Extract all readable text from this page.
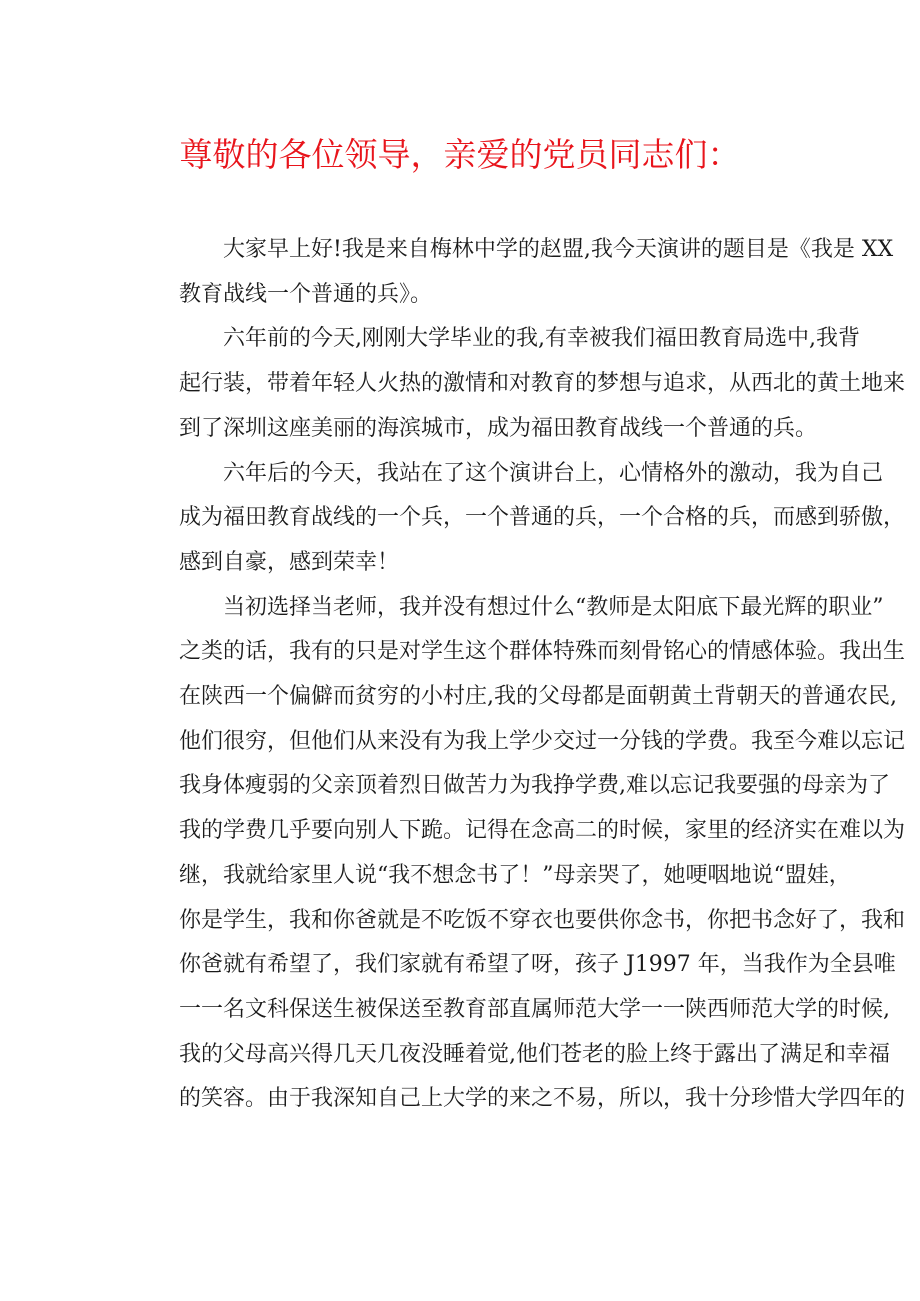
尊敬的各位领导，亲爱的党员同志们：
大家早上好!我是来自梅林中学的赵盟,我今天演讲的题目是《我是 XX
教育战线一个普通的兵》。
六年前的今天,刚刚大学毕业的我,有幸被我们福田教育局选中,我背
起行装，带着年轻人火热的激情和对教育的梦想与追求，从西北的黄土地来
到了深圳这座美丽的海滨城市，成为福田教育战线一个普通的兵。
六年后的今天，我站在了这个演讲台上，心情格外的激动，我为自己
成为福田教育战线的一个兵，一个普通的兵，一个合格的兵，而感到骄傲，
感到自豪，感到荣幸！
当初选择当老师，我并没有想过什么“教师是太阳底下最光辉的职业”
之类的话，我有的只是对学生这个群体特殊而刻骨铭心的情感体验。我出生
在陕西一个偏僻而贫穷的小村庄,我的父母都是面朝黄土背朝天的普通农民,
他们很穷，但他们从来没有为我上学少交过一分钱的学费。我至今难以忘记
我身体瘦弱的父亲顶着烈日做苦力为我挣学费,难以忘记我要强的母亲为了
我的学费几乎要向别人下跪。记得在念高二的时候，家里的经济实在难以为
继，我就给家里人说“我不想念书了！”母亲哭了，她哽咽地说“盟娃，
你是学生，我和你爸就是不吃饭不穿衣也要供你念书，你把书念好了，我和
你爸就有希望了，我们家就有希望了呀，孩子 J1997 年，当我作为全县唯
一一名文科保送生被保送至教育部直属师范大学一一陕西师范大学的时候,
我的父母高兴得几天几夜没睡着觉,他们苍老的脸上终于露出了满足和幸福
的笑容。由于我深知自己上大学的来之不易，所以，我十分珍惜大学四年的
